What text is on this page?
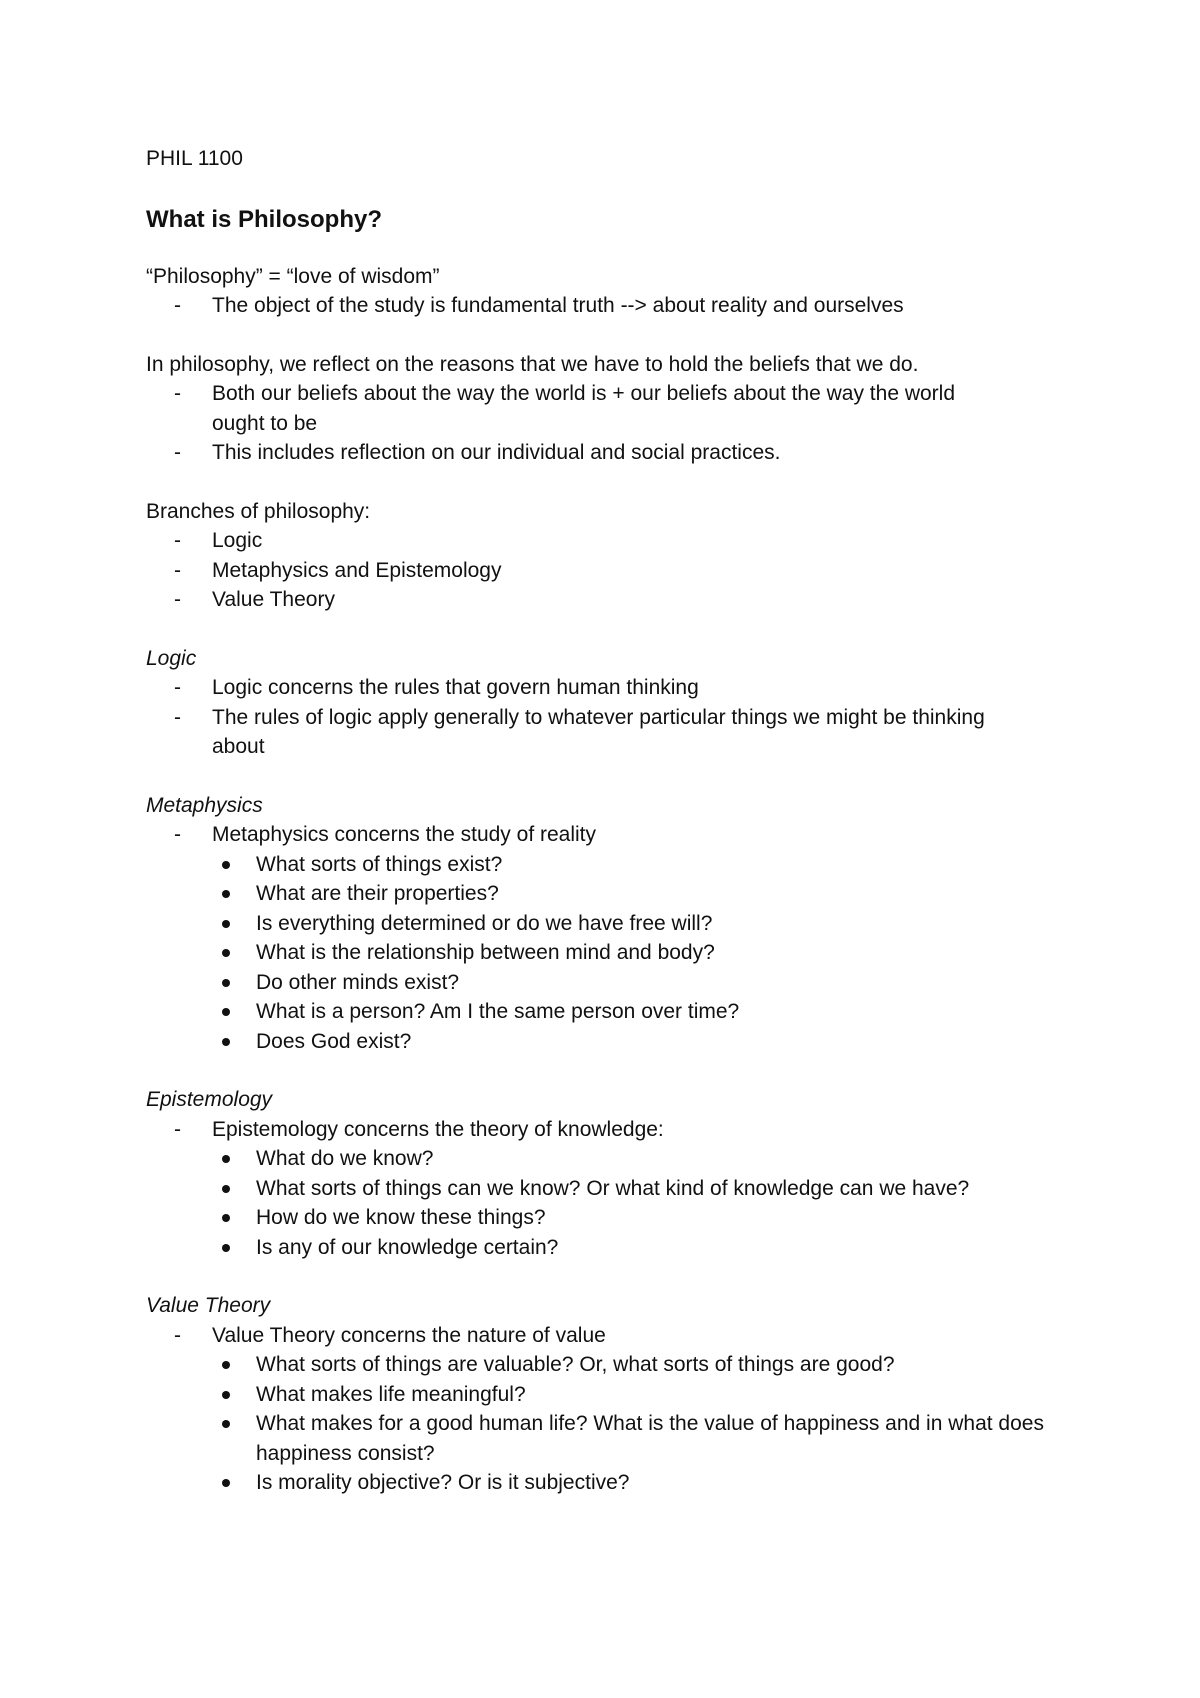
PHIL 1100

What is Philosophy?

“Philosophy” = “love of wisdom”

- The object of the study is fundamental truth --> about reality and ourselves

In philosophy, we reflect on the reasons that we have to hold the beliefs that we do.

- Both our beliefs about the way the world is + our beliefs about the way the world ought to be
- This includes reflection on our individual and social practices.

Branches of philosophy:

- Logic
- Metaphysics and Epistemology
- Value Theory

Logic

- Logic concerns the rules that govern human thinking
- The rules of logic apply generally to whatever particular things we might be thinking about

Metaphysics

- Metaphysics concerns the study of reality
What sorts of things exist?
What are their properties?
Is everything determined or do we have free will?
What is the relationship between mind and body?
Do other minds exist?
What is a person? Am I the same person over time?
Does God exist?

Epistemology

- Epistemology concerns the theory of knowledge:
What do we know?
What sorts of things can we know? Or what kind of knowledge can we have?
How do we know these things?
Is any of our knowledge certain?

Value Theory

- Value Theory concerns the nature of value
What sorts of things are valuable? Or, what sorts of things are good?
What makes life meaningful?
What makes for a good human life? What is the value of happiness and in what does happiness consist?
Is morality objective? Or is it subjective?
